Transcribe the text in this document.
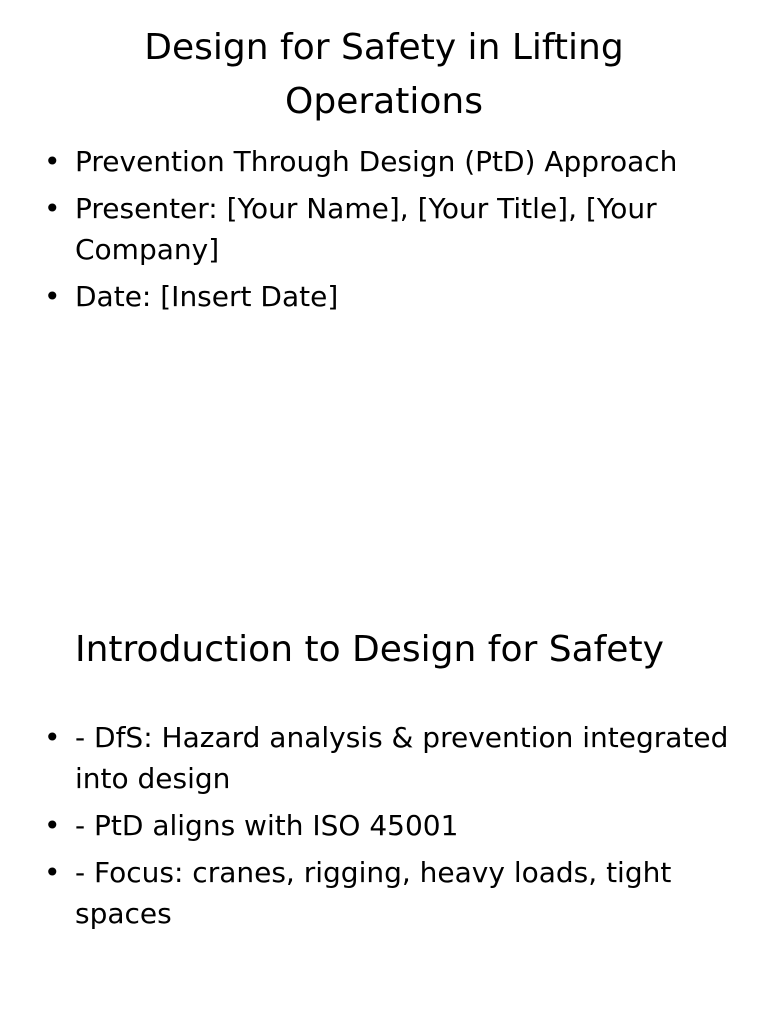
Design for Safety in Lifting Operations
• Prevention Through Design (PtD) Approach
• Presenter: [Your Name], [Your Title], [Your Company]
• Date: [Insert Date]
Introduction to Design for Safety
• - DfS: Hazard analysis & prevention integrated into design
• - PtD aligns with ISO 45001
• - Focus: cranes, rigging, heavy loads, tight spaces
